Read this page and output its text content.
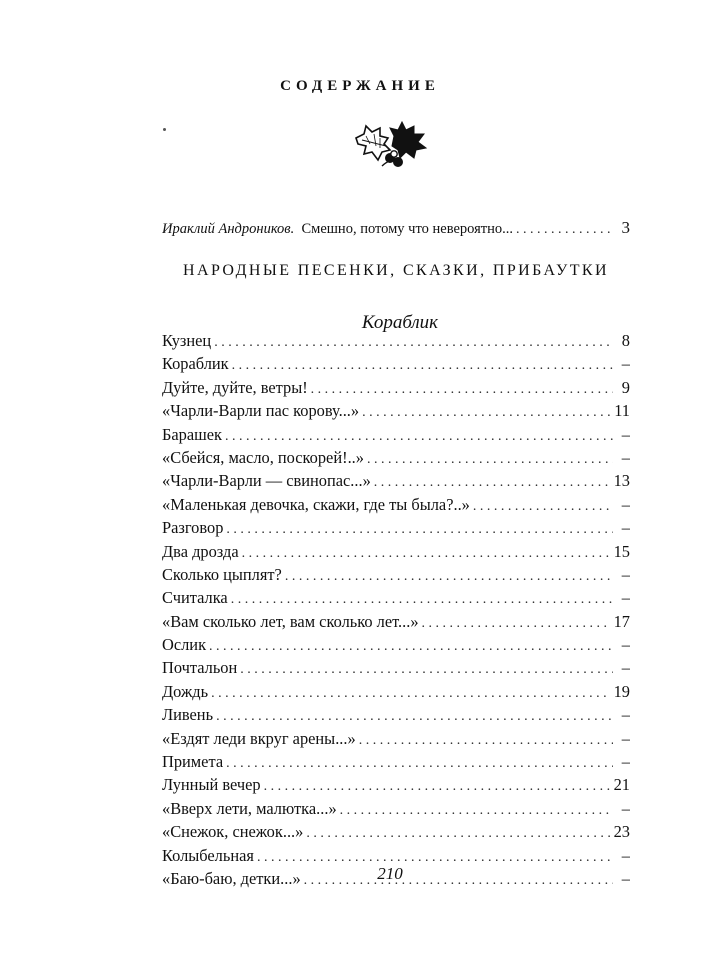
СОДЕРЖАНИЕ
Ираклий Андроников. Смешно, потому что невероятно... . . .	3
НАРОДНЫЕ ПЕСЕНКИ, СКАЗКИ, ПРИБАУТКИ
Кораблик
Кузнец . . .	8
Кораблик . . .	–
Дуйте, дуйте, ветры! . . .	9
«Чарли-Варли пас корову...» . . .	11
Барашек . . .	–
«Сбейся, масло, поскорей!..» . . .	–
«Чарли-Варли — свинопас...» . . .	13
«Маленькая девочка, скажи, где ты была?..» . . .	–
Разговор . . .	–
Два дрозда . . .	15
Сколько цыплят? . . .	–
Считалка . . .	–
«Вам сколько лет, вам сколько лет...» . . .	17
Ослик . . .	–
Почтальон . . .	–
Дождь . . .	19
Ливень . . .	–
«Ездят леди вкруг арены...» . . .	–
Примета . . .	–
Лунный вечер . . .	21
«Вверх лети, малютка...» . . .	–
«Снежок, снежок...» . . .	23
Колыбельная . . .	–
«Баю-баю, детки...» . . .	–
210
